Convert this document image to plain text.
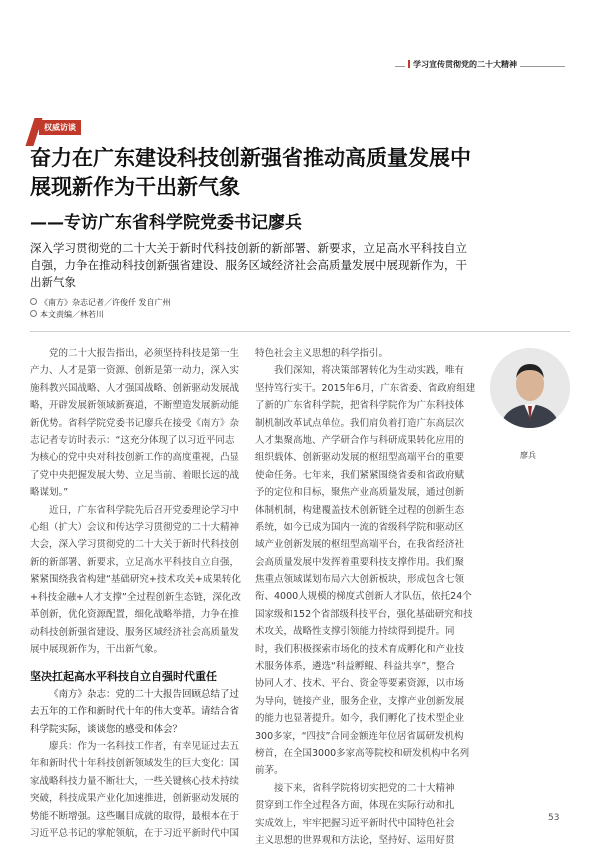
学习宣传贯彻党的二十大精神
权威访谈
奋力在广东建设科技创新强省推动高质量发展中
展现新作为干出新气象
——专访广东省科学院党委书记廖兵
深入学习贯彻党的二十大关于新时代科技创新的新部署、新要求，立足高水平科技自立
自强，力争在推动科技创新强省建设、服务区域经济社会高质量发展中展现新作为，干
出新气象
《南方》杂志记者／许俊仟 发自广州
本文责编／林若川
廖兵

党的二十大报告指出，必须坚持科技是第一生

产力、人才是第一资源、创新是第一动力，深入实

施科教兴国战略、人才强国战略、创新驱动发展战

略，开辟发展新领域新赛道，不断塑造发展新动能

新优势。省科学院党委书记廖兵在接受《南方》杂

志记者专访时表示：“这充分体现了以习近平同志

为核心的党中央对科技创新工作的高度重视，凸显

了党中央把握发展大势、立足当前、着眼长远的战

略谋划。”

近日，广东省科学院先后召开党委理论学习中

心组（扩大）会议和传达学习贯彻党的二十大精神

大会，深入学习贯彻党的二十大关于新时代科技创

新的新部署、新要求，立足高水平科技自立自强，

紧紧围绕我省构建“基础研究+技术攻关+成果转化

+科技金融+人才支撑”全过程创新生态链，深化改

革创新，优化资源配置，细化战略举措，力争在推

动科技创新强省建设、服务区域经济社会高质量发

展中展现新作为，干出新气象。

坚决扛起高水平科技自立自强时代重任

《南方》杂志：党的二十大报告回顾总结了过

去五年的工作和新时代十年的伟大变革。请结合省

科学院实际，谈谈您的感受和体会？

廖兵：作为一名科技工作者，有幸见证过去五

年和新时代十年科技创新领域发生的巨大变化：国

家战略科技力量不断壮大，一些关键核心技术持续

突破，科技成果产业化加速推进，创新驱动发展的

势能不断增强。这些瞩目成就的取得，最根本在于

习近平总书记的掌舵领航，在于习近平新时代中国

特色社会主义思想的科学指引。

我们深知，将决策部署转化为生动实践，唯有

坚持笃行实干。2015年6月，广东省委、省政府组建

了新的广东省科学院，把省科学院作为广东科技体

制机制改革试点单位。我们肩负着打造广东高层次

人才集聚高地、产学研合作与科研成果转化应用的

组织载体、创新驱动发展的枢纽型高端平台的重要

使命任务。七年来，我们紧紧围绕省委和省政府赋

予的定位和目标，聚焦产业高质量发展，通过创新

体制机制，构建覆盖技术创新链全过程的创新生态

系统，如今已成为国内一流的省级科学院和驱动区

域产业创新发展的枢纽型高端平台，在我省经济社

会高质量发展中发挥着重要科技支撑作用。我们聚

焦重点领域谋划布局六大创新板块，形成包含七领

衔、4000人规模的梯度式创新人才队伍，依托24个

国家级和152个省部级科技平台，强化基础研究和技

术攻关，战略性支撑引领能力持续得到提升。同

时，我们积极探索市场化的技术育成孵化和产业技

术服务体系，遴选“科益孵鲲、科益共享”，整合

协同人才、技术、平台、资金等要素资源，以市场

为导向，链接产业，服务企业，支撑产业创新发展

的能力也显著提升。如今，我们孵化了技术型企业

300多家，“四技”合同金额连年位居省属研发机构

榜首，在全国3000多家高等院校和研发机构中名列

前茅。

接下来，省科学院将切实把党的二十大精神

贯穿到工作全过程各方面，体现在实际行动和扎

实成效上，牢牢把握习近平新时代中国特色社会

主义思想的世界观和方法论，坚持好、运用好贯

53
